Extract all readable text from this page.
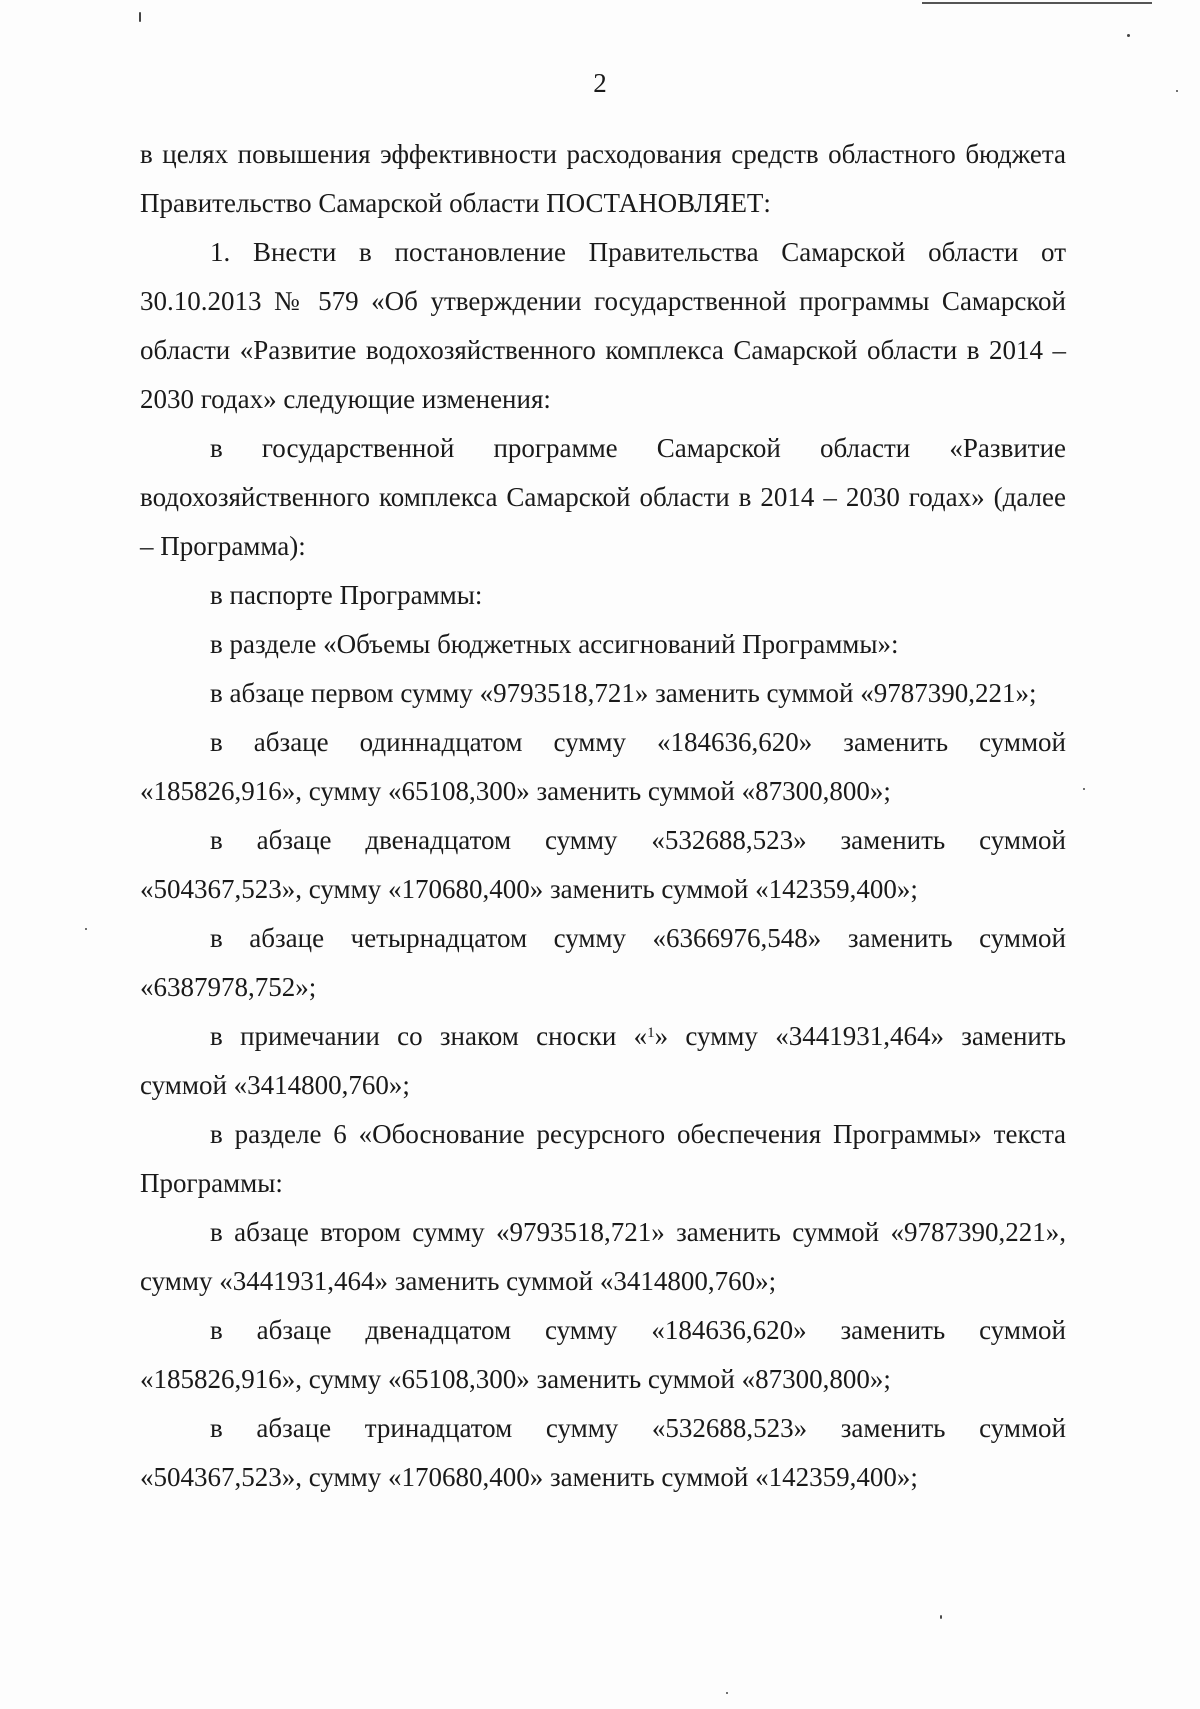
2

в целях повышения эффективности расходования средств областного бюджета Правительство Самарской области ПОСТАНОВЛЯЕТ:

1. Внести в постановление Правительства Самарской области от 30.10.2013 № 579 «Об утверждении государственной программы Самарской области «Развитие водохозяйственного комплекса Самарской области в 2014 – 2030 годах» следующие изменения:

в государственной программе Самарской области «Развитие водохозяйственного комплекса Самарской области в 2014 – 2030 годах» (далее – Программа):

в паспорте Программы:

в разделе «Объемы бюджетных ассигнований Программы»:

в абзаце первом сумму «9793518,721» заменить суммой «9787390,221»;

в абзаце одиннадцатом сумму «184636,620» заменить суммой «185826,916», сумму «65108,300» заменить суммой «87300,800»;

в абзаце двенадцатом сумму «532688,523» заменить суммой «504367,523», сумму «170680,400» заменить суммой «142359,400»;

в абзаце четырнадцатом сумму «6366976,548» заменить суммой «6387978,752»;

в примечании со знаком сноски «$^1$» сумму «3441931,464» заменить суммой «3414800,760»;

в разделе 6 «Обоснование ресурсного обеспечения Программы» текста Программы:

в абзаце втором сумму «9793518,721» заменить суммой «9787390,221», сумму «3441931,464» заменить суммой «3414800,760»;

в абзаце двенадцатом сумму «184636,620» заменить суммой «185826,916», сумму «65108,300» заменить суммой «87300,800»;

в абзаце тринадцатом сумму «532688,523» заменить суммой «504367,523», сумму «170680,400» заменить суммой «142359,400»;
